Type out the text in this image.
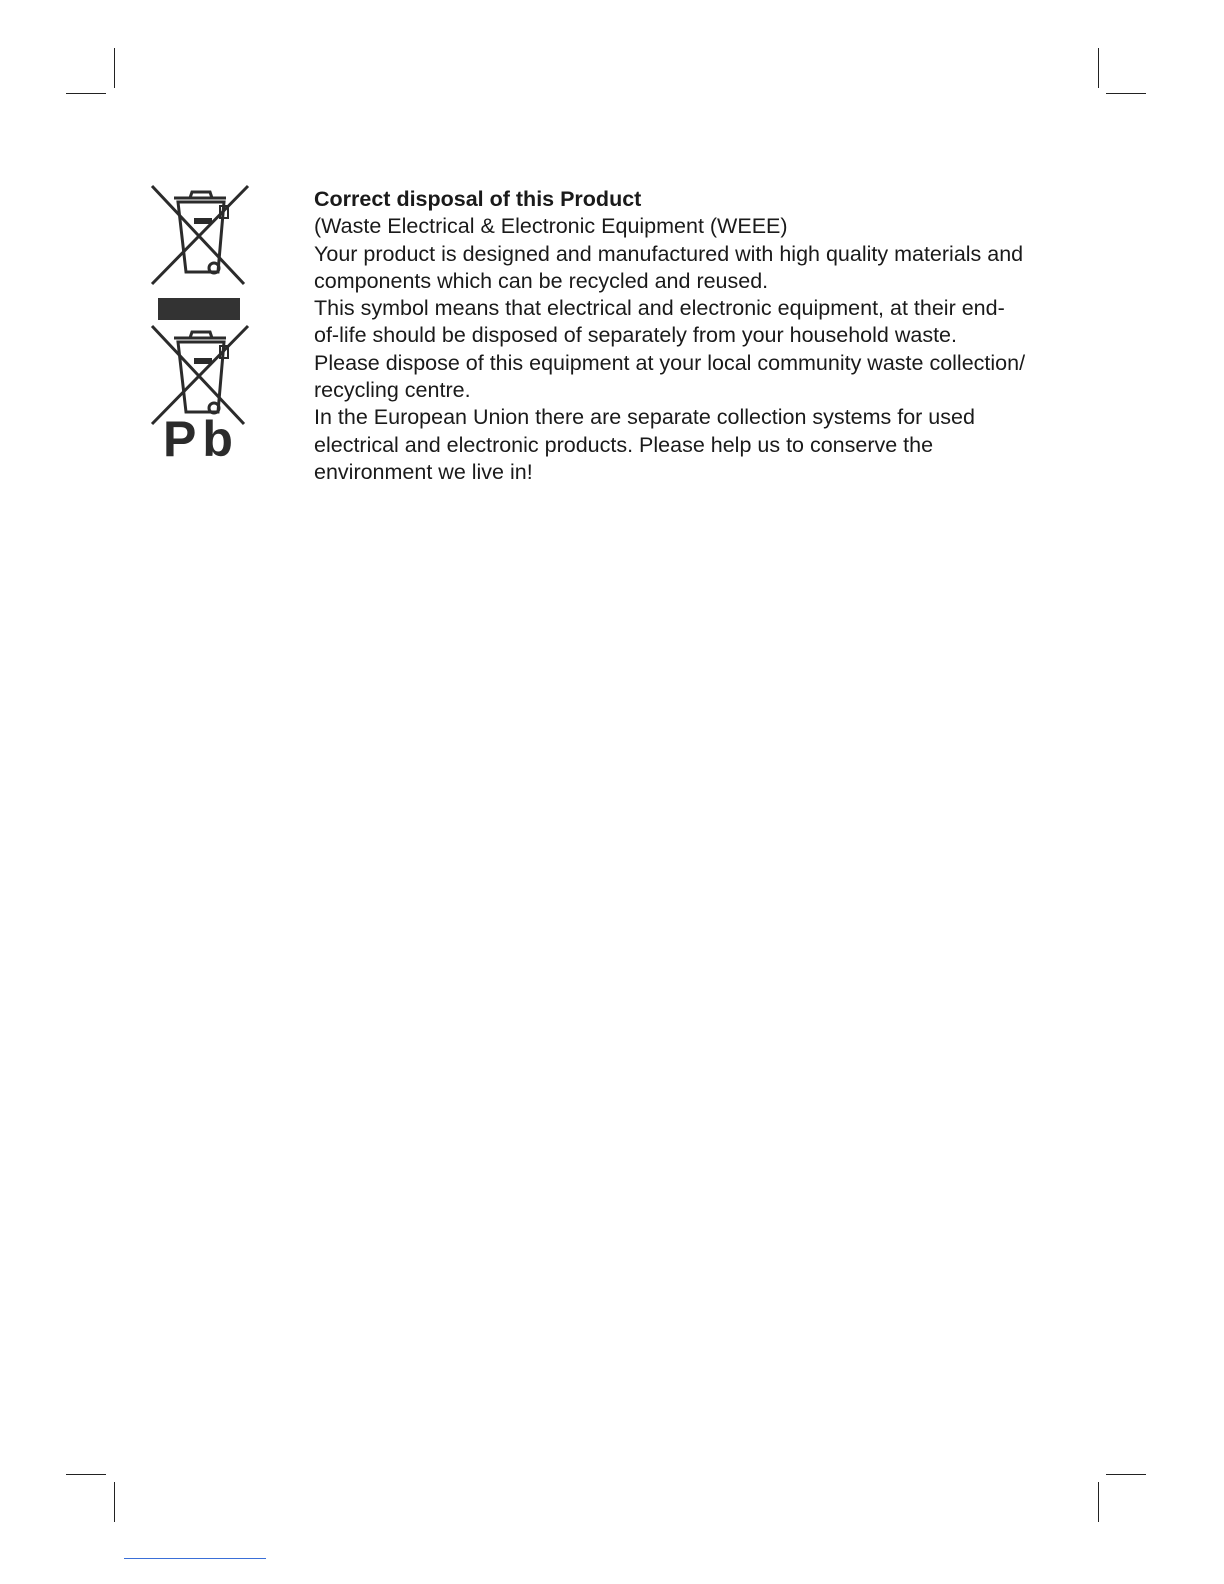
Pb

Correct disposal of this Product

(Waste Electrical & Electronic Equipment (WEEE)

Your product is designed and manufactured with high quality materials and

components which can be recycled and reused.

This symbol means that electrical and electronic equipment, at their end-

of-life should be disposed of separately from your household waste.

Please dispose of this equipment at your local community waste collection/

recycling centre.

In the European Union there are separate collection systems for used

electrical and electronic products. Please help us to conserve the

environment we live in!
